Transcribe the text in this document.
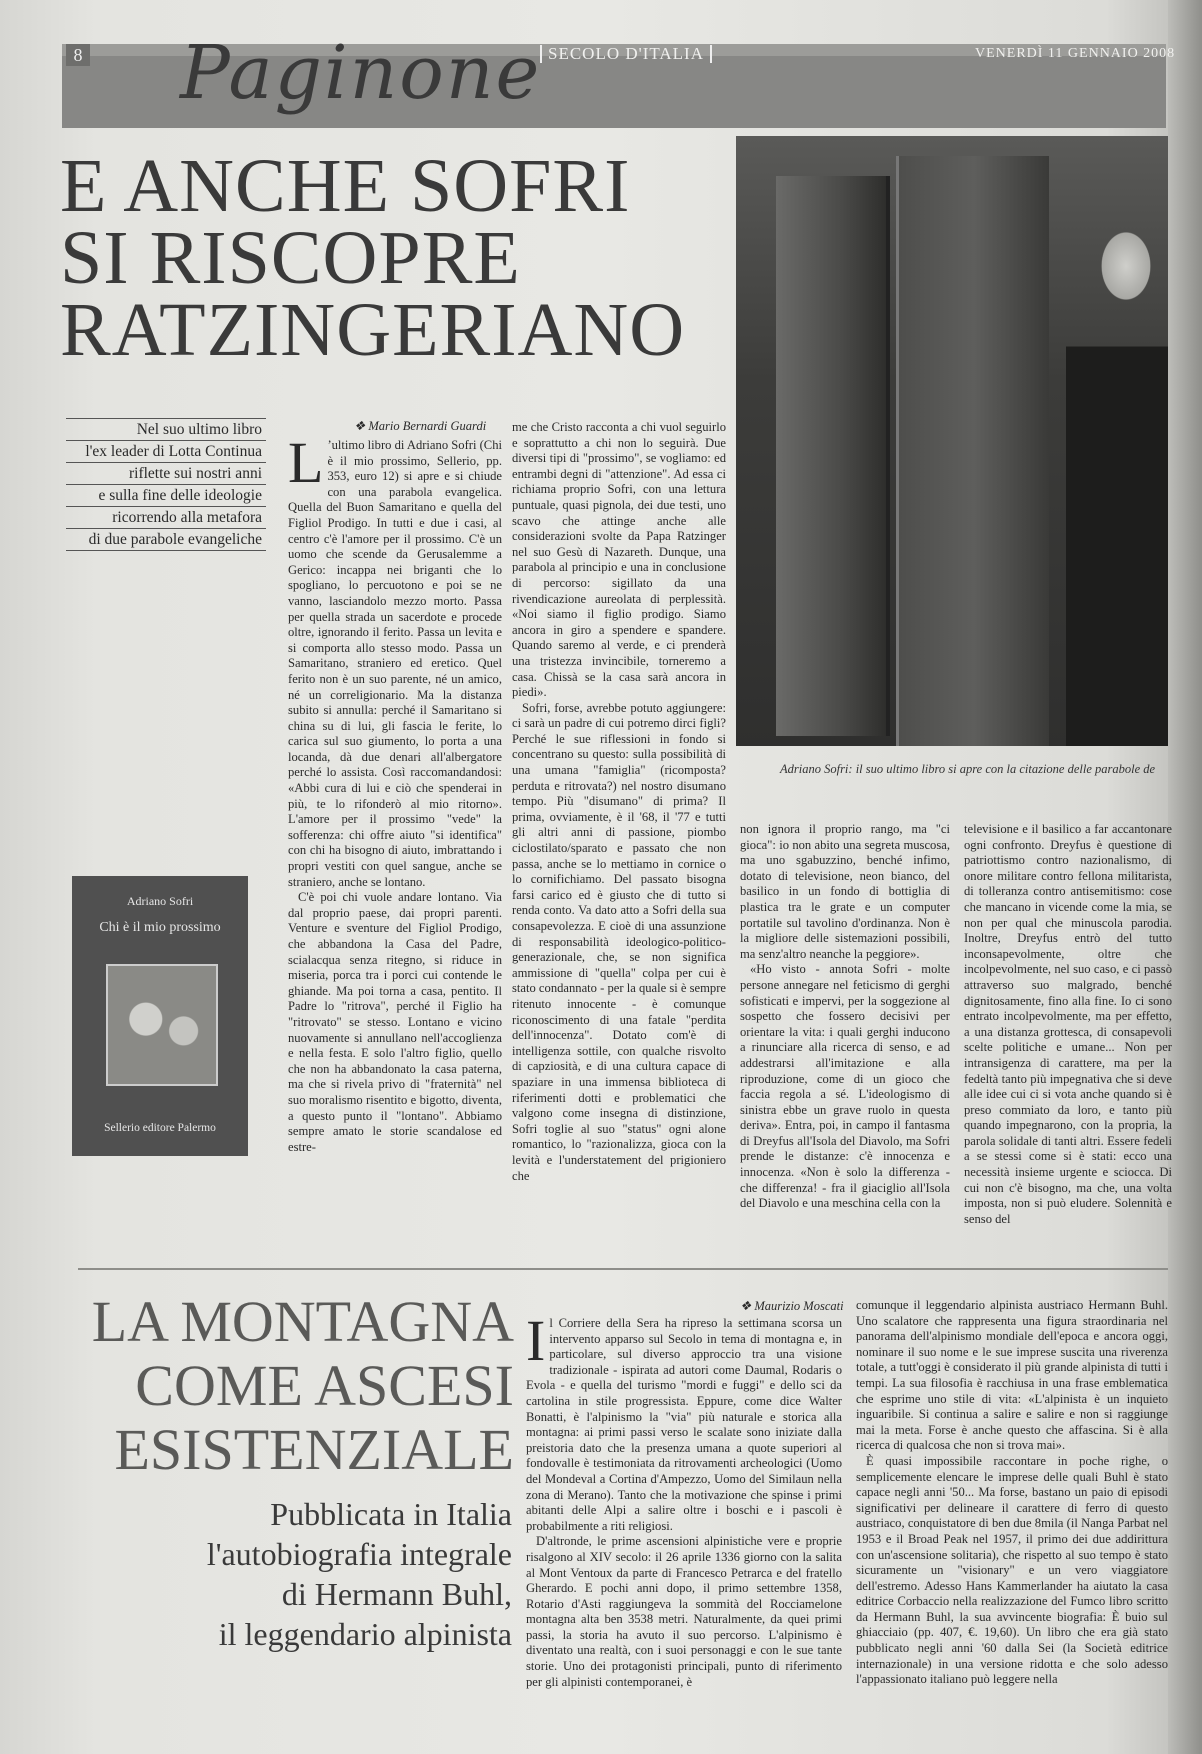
8	SECOLO D'ITALIA	VENERDÌ 11 GENNAIO 2008
Paginone
E ANCHE SOFRI
SI RISCOPRE
RATZINGERIANO
Adriano Sofri: il suo ultimo libro si apre con la citazione delle parabole de
Nel suo ultimo libro
l'ex leader di Lotta Continua
riflette sui nostri anni
e sulla fine delle ideologie
ricorrendo alla metafora
di due parabole evangeliche
❖ Mario Bernardi Guardi
L ’ultimo libro di Adriano Sofri (Chi è il mio prossimo, Sellerio, pp. 353, euro 12) si apre e si chiude con una parabola evangelica. Quella del Buon Samaritano e quella del Figliol Prodigo. In tutti e due i casi, al centro c'è l'amore per il prossimo. C'è un uomo che scende da Gerusalemme a Gerico: incappa nei briganti che lo spogliano, lo percuotono e poi se ne vanno, lasciandolo mezzo morto. Passa per quella strada un sacerdote e procede oltre, ignorando il ferito. Passa un levita e si comporta allo stesso modo. Passa un Samaritano, straniero ed eretico. Quel ferito non è un suo parente, né un amico, né un correligionario. Ma la distanza subito si annulla: perché il Samaritano si china su di lui, gli fascia le ferite, lo carica sul suo giumento, lo porta a una locanda, dà due denari all'albergatore perché lo assista. Così raccomandandosi: «Abbi cura di lui e ciò che spenderai in più, te lo rifonderò al mio ritorno». L'amore per il prossimo "vede" la sofferenza: chi offre aiuto "si identifica" con chi ha bisogno di aiuto, imbrattando i propri vestiti con quel sangue, anche se straniero, anche se lontano.

C'è poi chi vuole andare lontano. Via dal proprio paese, dai propri parenti. Venture e sventure del Figliol Prodigo, che abbandona la Casa del Padre, scialacqua senza ritegno, si riduce in miseria, porca tra i porci cui contende le ghiande. Ma poi torna a casa, pentito. Il Padre lo "ritrova", perché il Figlio ha "ritrovato" se stesso. Lontano e vicino nuovamente si annullano nell'accoglienza e nella festa. E solo l'altro figlio, quello che non ha abbandonato la casa paterna, ma che si rivela privo di "fraternità" nel suo moralismo risentito e bigotto, diventa, a questo punto il "lontano". Abbiamo sempre amato le storie scandalose ed estre-

me che Cristo racconta a chi vuol seguirlo e soprattutto a chi non lo seguirà. Due diversi tipi di "prossimo", se vogliamo: ed entrambi degni di "attenzione". Ad essa ci richiama proprio Sofri, con una lettura puntuale, quasi pignola, dei due testi, uno scavo che attinge anche alle considerazioni svolte da Papa Ratzinger nel suo Gesù di Nazareth. Dunque, una parabola al principio e una in conclusione di percorso: sigillato da una rivendicazione aureolata di perplessità. «Noi siamo il figlio prodigo. Siamo ancora in giro a spendere e spandere. Quando saremo al verde, e ci prenderà una tristezza invincibile, torneremo a casa. Chissà se la casa sarà ancora in piedi».

Sofri, forse, avrebbe potuto aggiungere: ci sarà un padre di cui potremo dirci figli? Perché le sue riflessioni in fondo si concentrano su questo: sulla possibilità di una umana "famiglia" (ricomposta? perduta e ritrovata?) nel nostro disumano tempo. Più "disumano" di prima? Il prima, ovviamente, è il '68, il '77 e tutti gli altri anni di passione, piombo ciclostilato/sparato e passato che non passa, anche se lo mettiamo in cornice o lo cornifichiamo. Del passato bisogna farsi carico ed è giusto che di tutto si renda conto. Va dato atto a Sofri della sua consapevolezza. E cioè di una assunzione di responsabilità ideologico-politico-generazionale, che, se non significa ammissione di "quella" colpa per cui è stato condannato - per la quale si è sempre ritenuto innocente - è comunque riconoscimento di una fatale "perdita dell'innocenza". Dotato com'è di intelligenza sottile, con qualche risvolto di capziosità, e di una cultura capace di spaziare in una immensa biblioteca di riferimenti dotti e problematici che valgono come insegna di distinzione, Sofri toglie al suo "status" ogni alone romantico, lo "razionalizza, gioca con la levità e l'understatement del prigioniero che

non ignora il proprio rango, ma "ci gioca": io non abito una segreta muscosa, ma uno sgabuzzino, benché infimo, dotato di televisione, neon bianco, del basilico in un fondo di bottiglia di plastica tra le grate e un computer portatile sul tavolino d'ordinanza. Non è la migliore delle sistemazioni possibili, ma senz'altro neanche la peggiore».

«Ho visto - annota Sofri - molte persone annegare nel feticismo di gerghi sofisticati e impervi, per la soggezione al sospetto che fossero decisivi per orientare la vita: i quali gerghi inducono a rinunciare alla ricerca di senso, e ad addestrarsi all'imitazione e alla riproduzione, come di un gioco che faccia regola a sé. L'ideologismo di sinistra ebbe un grave ruolo in questa deriva». Entra, poi, in campo il fantasma di Dreyfus all'Isola del Diavolo, ma Sofri prende le distanze: c'è innocenza e innocenza. «Non è solo la differenza - che differenza! - fra il giaciglio all'Isola del Diavolo e una meschina cella con la

televisione e il basilico a far accantonare ogni confronto. Dreyfus è questione di patriottismo contro nazionalismo, di onore militare contro fellona militarista, di tolleranza contro antisemitismo: cose che mancano in vicende come la mia, se non per qual che minuscola parodia. Inoltre, Dreyfus entrò del tutto inconsapevolmente, oltre che incolpevolmente, nel suo caso, e ci passò attraverso suo malgrado, benché dignitosamente, fino alla fine. Io ci sono entrato incolpevolmente, ma per effetto, a una distanza grottesca, di consapevoli scelte politiche e umane... Non per intransigenza di carattere, ma per la fedeltà tanto più impegnativa che si deve alle idee cui ci si vota anche quando si è preso commiato da loro, e tanto più quando impegnarono, con la propria, la parola solidale di tanti altri. Essere fedeli a se stessi come si è stati: ecco una necessità insieme urgente e sciocca. Di cui non c'è bisogno, ma che, una volta imposta, non si può eludere. Solennità e senso del
Adriano Sofri
Chi è il mio prossimo
Sellerio editore Palermo
LA MONTAGNA
COME ASCESI
ESISTENZIALE
Pubblicata in Italia
l'autobiografia integrale
di Hermann Buhl,
il leggendario alpinista
❖ Maurizio Moscati
Il Corriere della Sera ha ripreso la settimana scorsa un intervento apparso sul Secolo in tema di montagna e, in particolare, sul diverso approccio tra una visione tradizionale - ispirata ad autori come Daumal, Rodaris o Evola - e quella del turismo "mordi e fuggi" e dello sci da cartolina in stile progressista. Eppure, come dice Walter Bonatti, è l'alpinismo la "via" più naturale e storica alla montagna: ai primi passi verso le scalate sono iniziate dalla preistoria dato che la presenza umana a quote superiori al fondovalle è testimoniata da ritrovamenti archeologici (Uomo del Mondeval a Cortina d'Ampezzo, Uomo del Similaun nella zona di Merano). Tanto che la motivazione che spinse i primi abitanti delle Alpi a salire oltre i boschi e i pascoli è probabilmente a riti religiosi.

D'altronde, le prime ascensioni alpinistiche vere e proprie risalgono al XIV secolo: il 26 aprile 1336 giorno con la salita al Mont Ventoux da parte di Francesco Petrarca e del fratello Gherardo. E pochi anni dopo, il primo settembre 1358, Rotario d'Asti raggiungeva la sommità del Rocciamelone montagna alta ben 3538 metri. Naturalmente, da quei primi passi, la storia ha avuto il suo percorso. L'alpinismo è diventato una realtà, con i suoi personaggi e con le sue tante storie. Uno dei protagonisti principali, punto di riferimento per gli alpinisti contemporanei, è

comunque il leggendario alpinista austriaco Hermann Buhl. Uno scalatore che rappresenta una figura straordinaria nel panorama dell'alpinismo mondiale dell'epoca e ancora oggi, nominare il suo nome e le sue imprese suscita una riverenza totale, a tutt'oggi è considerato il più grande alpinista di tutti i tempi. La sua filosofia è racchiusa in una frase emblematica che esprime uno stile di vita: «L'alpinista è un inquieto inguaribile. Si continua a salire e salire e non si raggiunge mai la meta. Forse è anche questo che affascina. Si è alla ricerca di qualcosa che non si trova mai».

È quasi impossibile raccontare in poche righe, o semplicemente elencare le imprese delle quali Buhl è stato capace negli anni '50... Ma forse, bastano un paio di episodi significativi per delineare il carattere di ferro di questo austriaco, conquistatore di ben due 8mila (il Nanga Parbat nel 1953 e il Broad Peak nel 1957, il primo dei due addirittura con un'ascensione solitaria), che rispetto al suo tempo è stato sicuramente un "visionary" e un vero viaggiatore dell'estremo. Adesso Hans Kammerlander ha aiutato la casa editrice Corbaccio nella realizzazione del Fumco libro scritto da Hermann Buhl, la sua avvincente biografia: È buio sul ghiacciaio (pp. 407, €. 19,60). Un libro che era già stato pubblicato negli anni '60 dalla Sei (la Società editrice internazionale) in una versione ridotta e che solo adesso l'appassionato italiano può leggere nella
